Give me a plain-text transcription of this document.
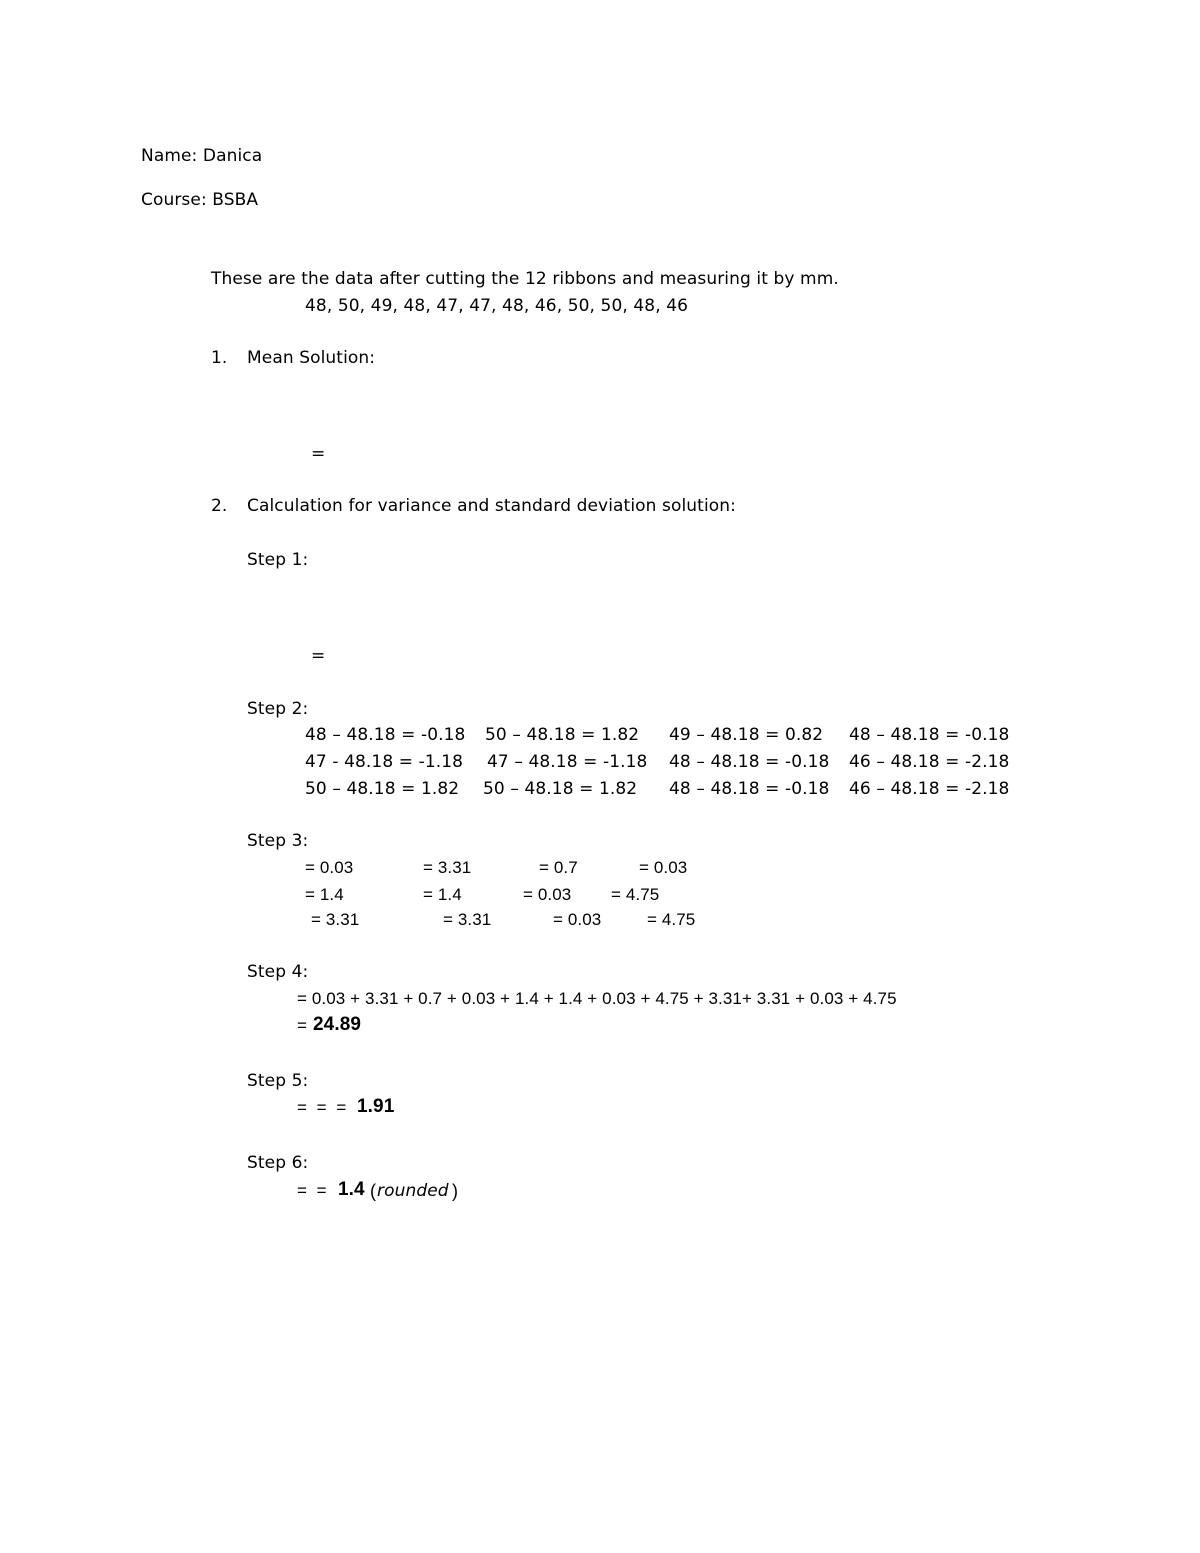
Name: Danica
Course: BSBA
These are the data after cutting the 12 ribbons and measuring it by mm.
48, 50, 49, 48, 47, 47, 48, 46, 50, 50, 48, 46
1. Mean Solution:
=
2. Calculation for variance and standard deviation solution:
Step 1:
=
Step 2:
48 – 48.18 = -0.18 50 – 48.18 = 1.82 49 – 48.18 = 0.82 48 – 48.18 = -0.18
47 - 48.18 = -1.18 47 – 48.18 = -1.18 48 – 48.18 = -0.18 46 – 48.18 = -2.18
50 – 48.18 = 1.82 50 – 48.18 = 1.82 48 – 48.18 = -0.18 46 – 48.18 = -2.18
Step 3:
= 0.03	= 3.31	= 0.7	= 0.03
= 1.4	= 1.4	= 0.03 = 4.75
= 3.31	= 3.31	= 0.03	= 4.75
Step 4:
= 0.03 + 3.31 + 0.7 + 0.03 + 1.4 + 1.4 + 0.03 + 4.75 + 3.31+ 3.31 + 0.03 + 4.75
= 24.89
Step 5:
=  =  = 1.91
Step 6:
=  = 1.4 ( rounded )
